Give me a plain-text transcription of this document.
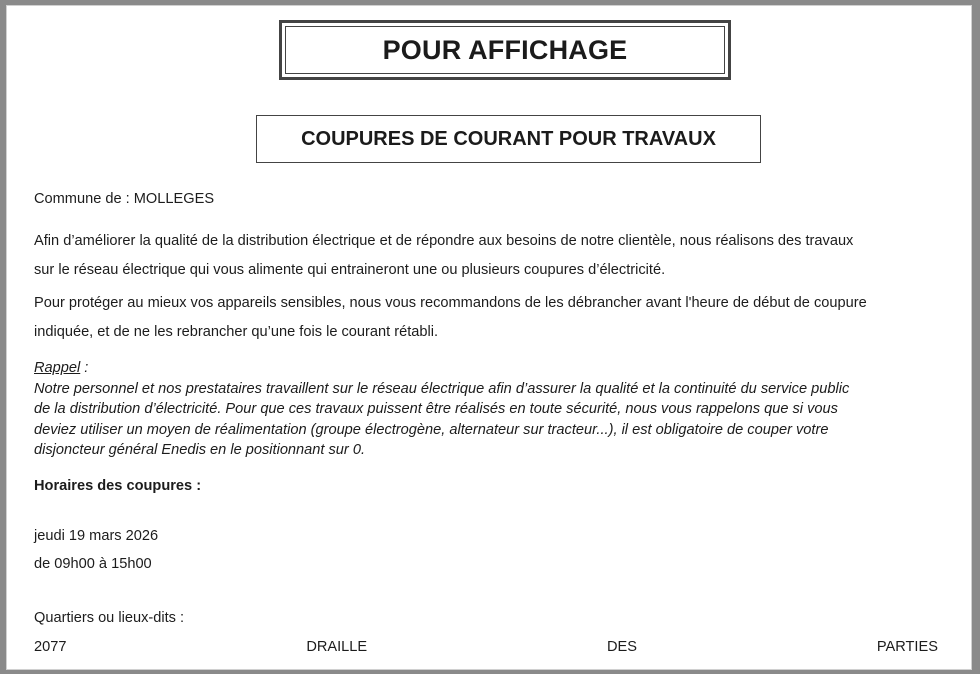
POUR AFFICHAGE
COUPURES DE COURANT POUR TRAVAUX
Commune de : MOLLEGES
Afin d’améliorer la qualité de la distribution électrique et de répondre aux besoins de notre clientèle, nous réalisons des travaux
sur le réseau électrique qui vous alimente qui entraineront une ou plusieurs coupures d’électricité.
Pour protéger au mieux vos appareils sensibles, nous vous recommandons de les débrancher avant l'heure de début de coupure
indiquée, et de ne les rebrancher qu’une fois le courant rétabli.
Rappel :
Notre personnel et nos prestataires travaillent sur le réseau électrique afin d’assurer la qualité et la continuité du service public
de la distribution d’électricité. Pour que ces travaux puissent être réalisés en toute sécurité, nous vous rappelons que si vous
deviez utiliser un moyen de réalimentation (groupe électrogène, alternateur sur tracteur...), il est obligatoire de couper votre
disjoncteur général Enedis en le positionnant sur 0.
Horaires des coupures :
jeudi 19 mars 2026
de 09h00 à 15h00
Quartiers ou lieux-dits :
2077	DRAILLE	DES	PARTIES
